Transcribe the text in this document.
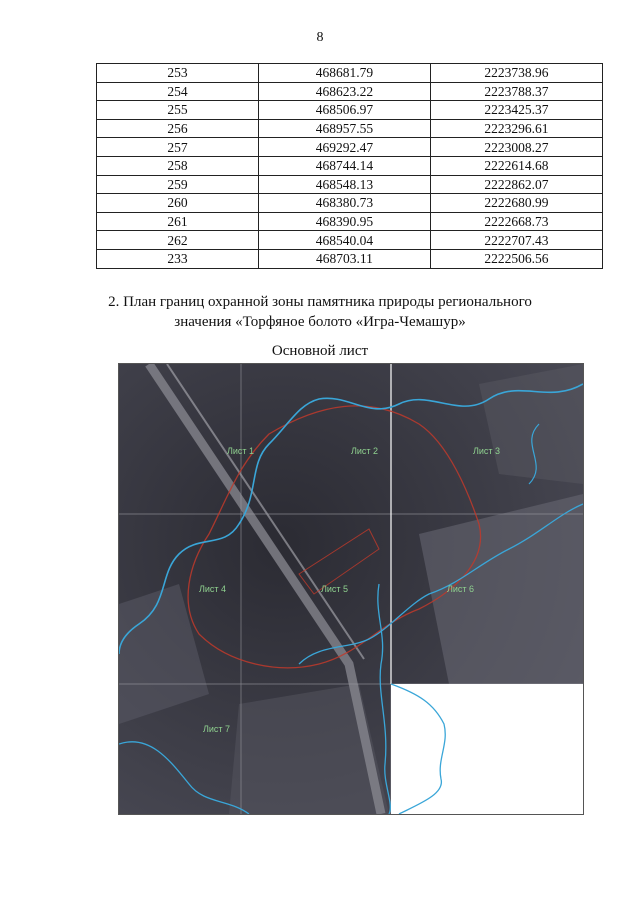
8
253	468681.79	2223738.96
254	468623.22	2223788.37
255	468506.97	2223425.37
256	468957.55	2223296.61
257	469292.47	2223008.27
258	468744.14	2222614.68
259	468548.13	2222862.07
260	468380.73	2222680.99
261	468390.95	2222668.73
262	468540.04	2222707.43
233	468703.11	2222506.56
2. План границ охранной зоны памятника природы регионального
значения «Торфяное болото «Игра-Чемашур»
Основной лист
Лист 1	Лист 2	Лист 3
Лист 4	Лист 5	Лист 6
Лист 7
